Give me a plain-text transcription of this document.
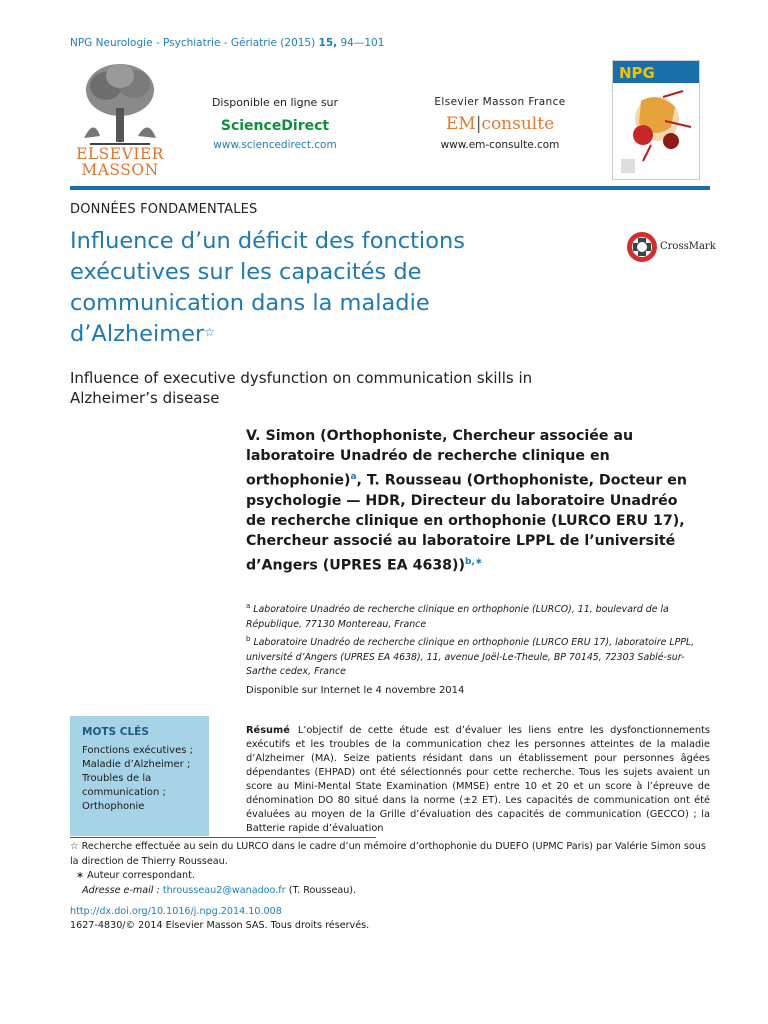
NPG Neurologie - Psychiatrie - Gériatrie (2015) 15, 94—101
ELSEVIER
MASSON
Disponible en ligne sur
ScienceDirect
www.sciencedirect.com
Elsevier Masson France
EM|consulte
www.em-consulte.com
NPG
DONNÉES FONDAMENTALES
Influence d’un déficit des fonctions exécutives sur les capacités de communication dans la maladie d’Alzheimer☆
CrossMark
Influence of executive dysfunction on communication skills in Alzheimer’s disease
V. Simon (Orthophoniste, Chercheur associée au laboratoire Unadréo de recherche clinique en orthophonie)$^a$, T. Rousseau (Orthophoniste, Docteur en psychologie — HDR, Directeur du laboratoire Unadréo de recherche clinique en orthophonie (LURCO ERU 17), Chercheur associé au laboratoire LPPL de l’université d’Angers (UPRES EA 4638))$^{b,∗}$
$^a$ Laboratoire Unadréo de recherche clinique en orthophonie (LURCO), 11, boulevard de la République, 77130 Montereau, France
$^b$ Laboratoire Unadréo de recherche clinique en orthophonie (LURCO ERU 17), laboratoire LPPL, université d’Angers (UPRES EA 4638), 11, avenue Joël-Le-Theule, BP 70145, 72303 Sablé-sur-Sarthe cedex, France
Disponible sur Internet le 4 novembre 2014
MOTS CLÉS
Fonctions exécutives ;
Maladie d’Alzheimer ;
Troubles de la communication ;
Orthophonie
Résumé L’objectif de cette étude est d’évaluer les liens entre les dysfonctionnements exécutifs et les troubles de la communication chez les personnes atteintes de la maladie d’Alzheimer (MA). Seize patients résidant dans un établissement pour personnes âgées dépendantes (EHPAD) ont été sélectionnés pour cette recherche. Tous les sujets avaient un score au Mini-Mental State Examination (MMSE) entre 10 et 20 et un score à l’épreuve de dénomination DO 80 situé dans la norme (±2 ET). Les capacités de communication ont été évaluées au moyen de la Grille d’évaluation des capacités de communication (GECCO) ; la Batterie rapide d’évaluation
☆ Recherche effectuée au sein du LURCO dans le cadre d’un mémoire d’orthophonie du DUEFO (UPMC Paris) par Valérie Simon sous la direction de Thierry Rousseau.
∗ Auteur correspondant.
Adresse e-mail : throusseau2@wanadoo.fr (T. Rousseau).
http://dx.doi.org/10.1016/j.npg.2014.10.008
1627-4830/© 2014 Elsevier Masson SAS. Tous droits réservés.
